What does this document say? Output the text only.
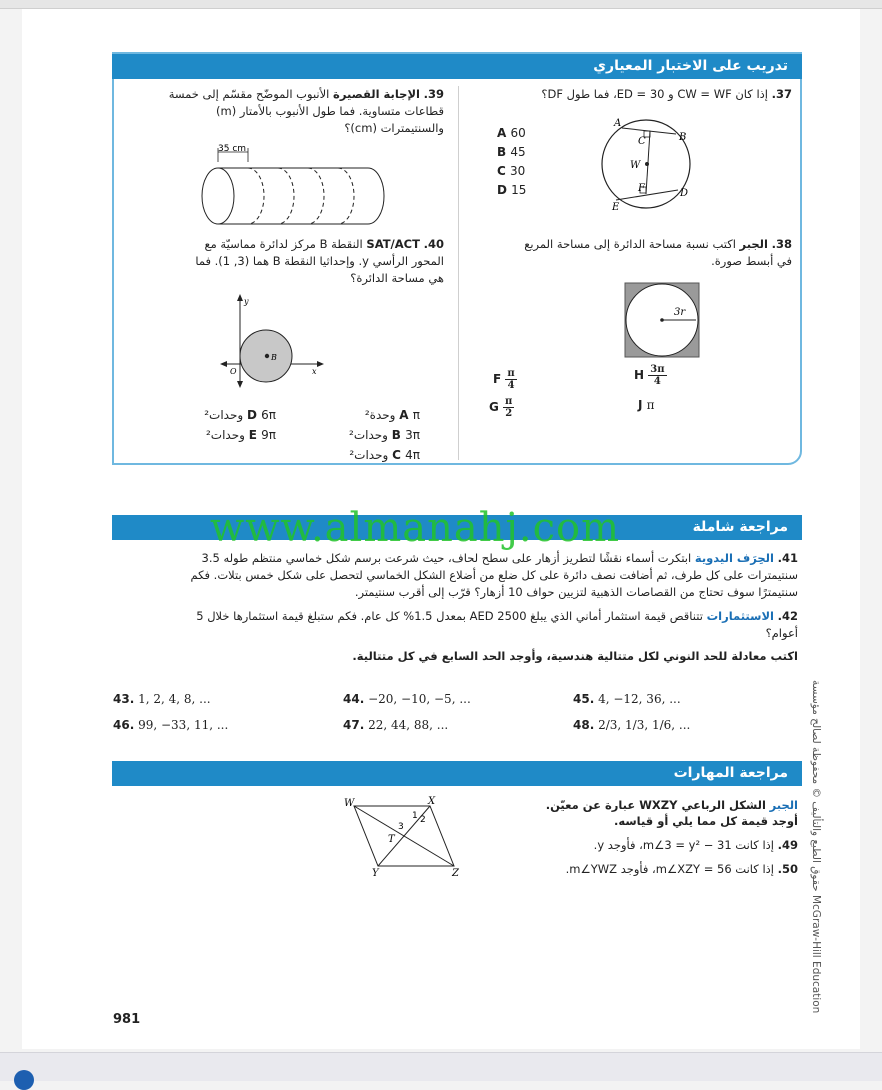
تدريب على الاختبار المعياري
37. إذا كان CW = WF و ED = 30، فما طول DF؟
A 60
B 45
C 30
D 15
A
B
C
W
F	D
E
38. الجبر اكتب نسبة مساحة الدائرة إلى مساحة المربع في أبسط صورة.
3r
F $\frac{\pi}{4}$	H $\frac{3\pi}{4}$
G $\frac{\pi}{2}$	J π
39. الإجابة القصيرة الأنبوب الموضّح مقسّم إلى خمسة قطاعات متساوية. فما طول الأنبوب بالأمتار (m) والسنتيمترات (cm)؟
35 cm
40. SAT/ACT النقطة B مركز لدائرة مماسيّة مع المحور الرأسي y. وإحداثيا النقطة B هما (3, 1). فما هي مساحة الدائرة؟
y
x
O
B
D 6π وحدات²	A π وحدة²
E 9π وحدات²	B 3π وحدات²
C 4π وحدات²
مراجعة شاملة
www.almanahj.com
41. الحِرَف اليدوية ابتكرت أسماء نقشًا لتطريز أزهار على سطح لحاف، حيث شرعت برسم شكل خماسي منتظم طوله 3.5 سنتيمترات على كل طرف، ثم أضافت نصف دائرة على كل ضلع من أضلاع الشكل الخماسي لتحصل على شكل خمس بتلات. فكم سنتيمترًا سوف تحتاج من القصاصات الذهبية لتزيين حواف 10 أزهار؟ قرّب إلى أقرب سنتيمتر.
42. الاستثمارات تتناقص قيمة استثمار أماني الذي يبلغ AED 2500 بمعدل 1.5% كل عام. فكم ستبلغ قيمة استثمارها خلال 5 أعوام؟
اكتب معادلة للحد النوني لكل متتالية هندسية، وأوجد الحد السابع في كل متتالية.
43. 1, 2, 4, 8, ...	44. −20, −10, −5, ...	45. 4, −12, 36, ...
46. 99, −33, 11, ...	47. 22, 44, 88, ...	48. 2/3, 1/3, 1/6, ...
مراجعة المهارات
الجبر الشكل الرباعي WXZY عبارة عن معيّن.
أوجد قيمة كل مما يلي أو قياسه.
49. إذا كانت m∠3 = y² − 31، فأوجد y.
50. إذا كانت m∠XZY = 56، فأوجد m∠YWZ.
W	X
Y	Z
T
1 2
3	حقوق الطبع والتأليف © محفوظة لصالح مؤسسة McGraw-Hill Education
981
